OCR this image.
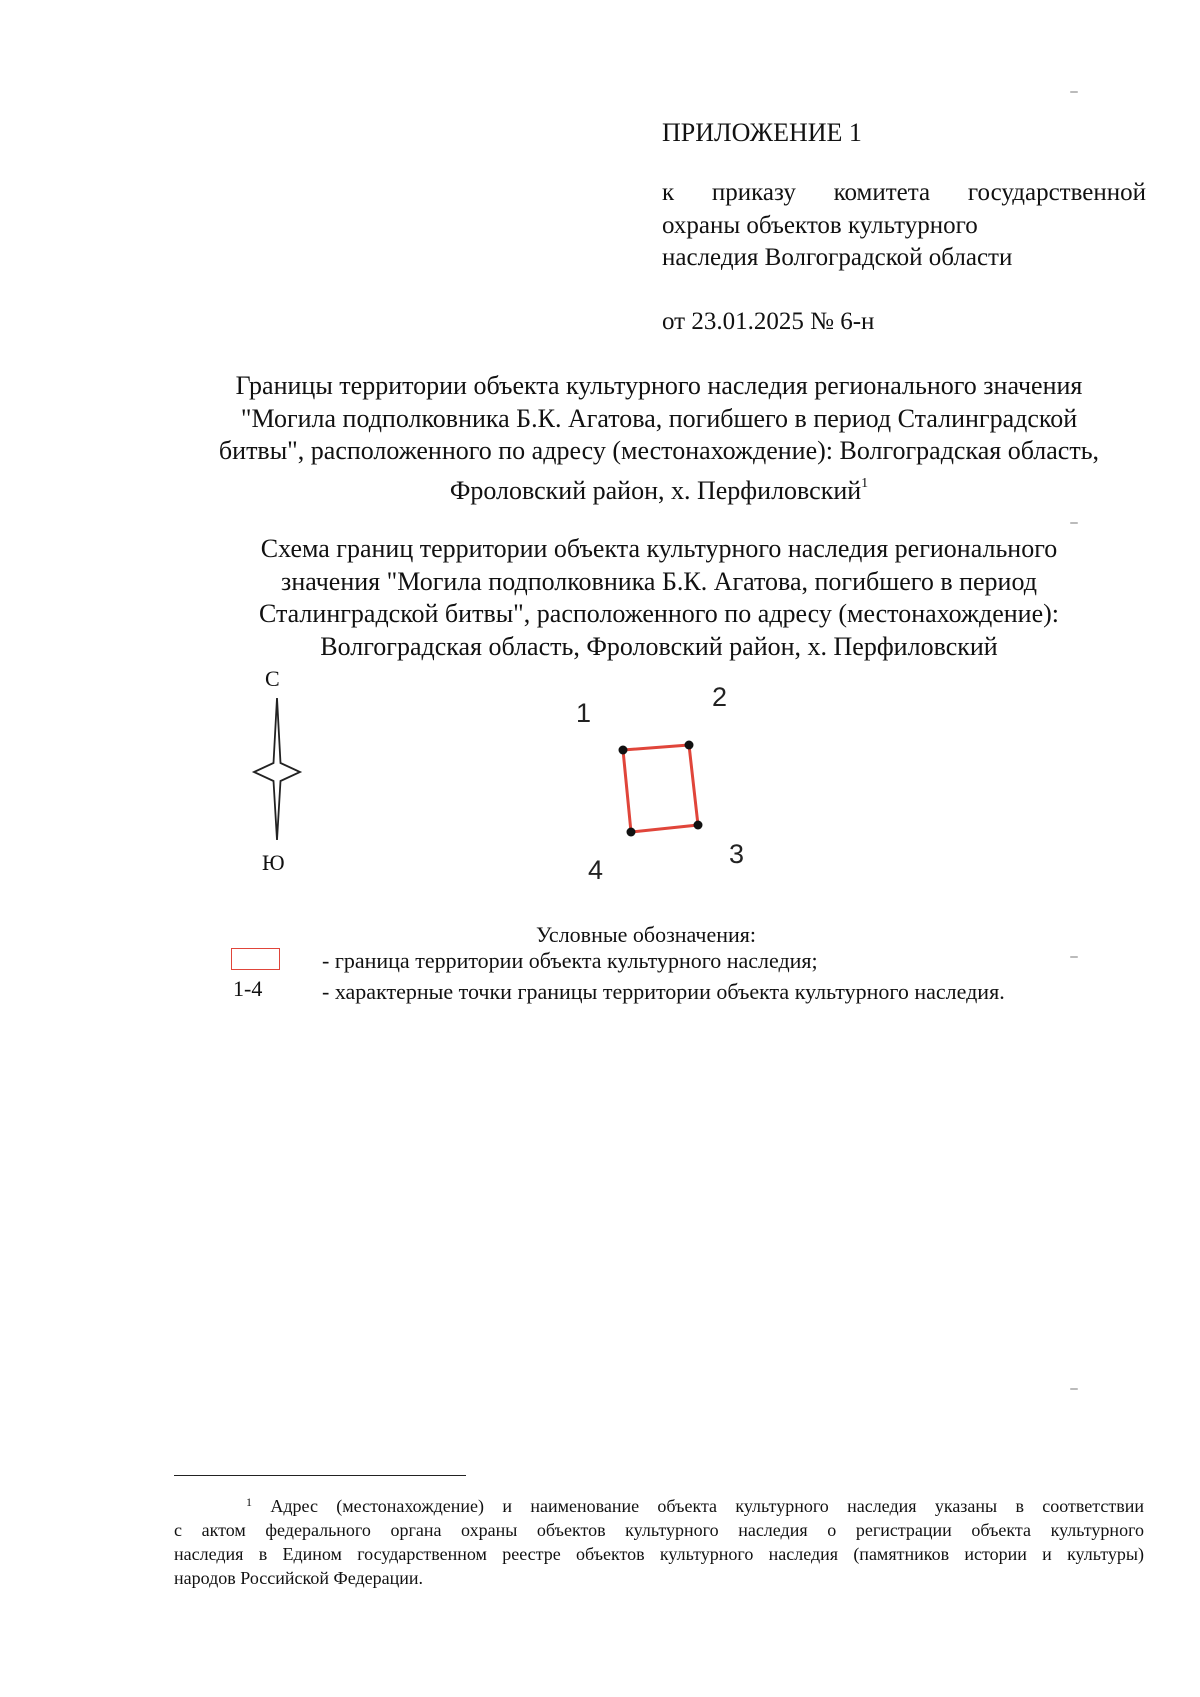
ПРИЛОЖЕНИЕ 1
к приказу комитета государственной
охраны объектов культурного
наследия Волгоградской области
от 23.01.2025 № 6-н
Границы территории объекта культурного наследия регионального значения
"Могила подполковника Б.К. Агатова, погибшего в период Сталинградской
битвы", расположенного по адресу (местонахождение): Волгоградская область,
Фроловский район, х. Перфиловский$^1$
Схема границ территории объекта культурного наследия регионального
значения "Могила подполковника Б.К. Агатова, погибшего в период
Сталинградской битвы", расположенного по адресу (местонахождение):
Волгоградская область, Фроловский район, х. Перфиловский
С
Ю
1
2
3
4
Условные обозначения:
1-4
- граница территории объекта культурного наследия;
- характерные точки границы территории объекта культурного наследия.
$^1$ Адрес (местонахождение) и наименование объекта культурного наследия указаны в соответствии
с актом федерального органа охраны объектов культурного наследия о регистрации объекта культурного
наследия в Едином государственном реестре объектов культурного наследия (памятников истории и культуры)
народов Российской Федерации.
